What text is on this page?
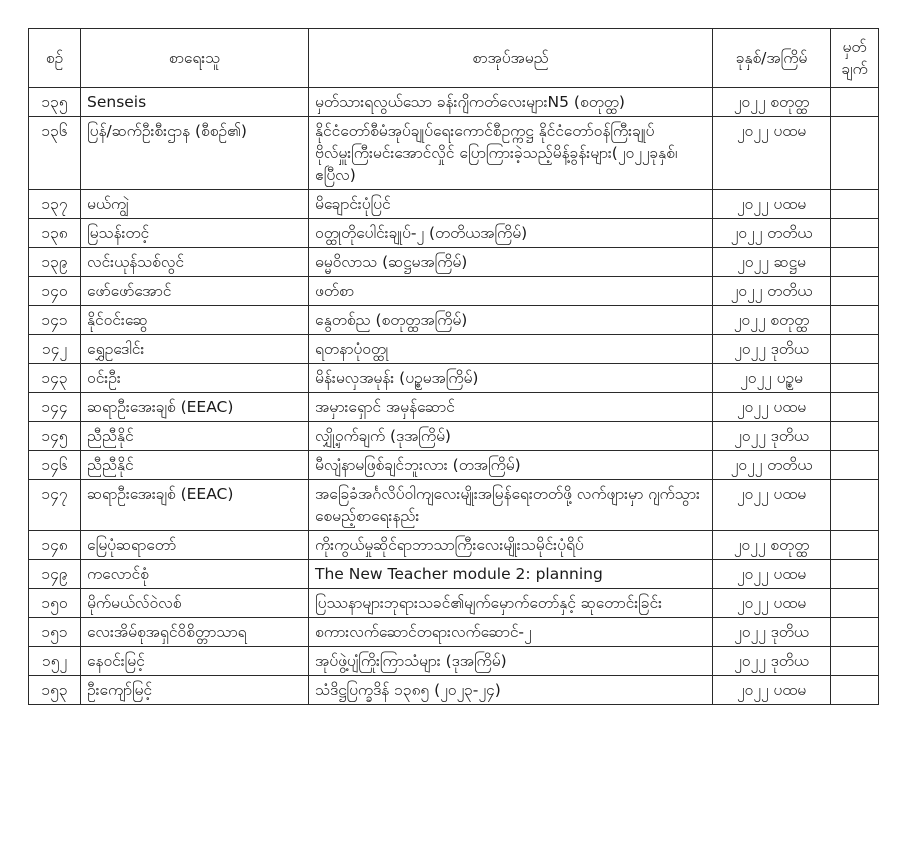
စဉ်	စာရေးသူ	စာအုပ်အမည်	ခုနှစ်/အကြိမ်	မှတ်
ချက်

၁၃၅	Senseis	မှတ်သားရလွယ်သော ခန်းဂျိကတ်လေးများN5 (စတုတ္ထ)	၂၀၂၂ စတုတ္ထ	
၁၃၆	ပြန်/ဆက်ဦးစီးဌာန (စီစဉ်၏)	နိုင်ငံတော်စီမံအုပ်ချုပ်ရေးကောင်စီဥက္ကဋ္ဌ နိုင်ငံတော်ဝန်ကြီးချုပ်ဗိုလ်မှူးကြီးမင်းအောင်လှိုင် ပြောကြားခဲ့သည့်မိန့်ခွန်းများ(၂၀၂၂ခုနှစ်၊ဧပြီလ)	၂၀၂၂ ပထမ	
၁၃၇	မယ်ကျွဲ	မိချောင်းပုံပြင်	၂၀၂၂ ပထမ	
၁၃၈	မြသန်းတင့်	ဝတ္ထုတိုပေါင်းချုပ်-၂ (တတိယအကြိမ်)	၂၀၂၂ တတိယ	
၁၃၉	လင်းယုန်သစ်လွင်	ဓမ္မဝိလာသ (ဆဋ္ဌမအကြိမ်)	၂၀၂၂ ဆဋ္ဌမ	
၁၄၀	ဖော်ဖော်အောင်	ဖတ်စာ	၂၀၂၂ တတိယ	
၁၄၁	နိုင်ဝင်းဆွေ	နွေတစ်ည (စတုတ္ထအကြိမ်)	၂၀၂၂ စတုတ္ထ	
၁၄၂	ရွှေဥဒေါင်း	ရတနာပုံဝတ္ထု	၂၀၂၂ ဒုတိယ	
၁၄၃	ဝင်းဦး	မိန်းမလှအမုန်း (ပဉ္စမအကြိမ်)	၂၀၂၂ ပဉ္စမ	
၁၄၄	ဆရာဦးအေးချစ် (EEAC)	အမှားရှောင် အမှန်ဆောင်	၂၀၂၂ ပထမ	
၁၄၅	ညီညီနိုင်	လျှို့ဝှက်ချက် (ဒုအကြိမ်)	၂၀၂၂ ဒုတိယ	
၁၄၆	ညီညီနိုင်	မီလျံနာမဖြစ်ချင်ဘူးလား (တအကြိမ်)	၂၀၂၂ တတိယ	
၁၄၇	ဆရာဦးအေးချစ် (EEAC)	အခြေခံအင်္ဂလိပ်ဝါကျလေးမျိုးအမြန်ရေးတတ်ဖို့ လက်ဖျားမှာ ဂျက်သွားစေမည့်စာရေးနည်း	၂၀၂၂ ပထမ	
၁၄၈	မြေပုံဆရာတော်	ကိုးကွယ်မှုဆိုင်ရာဘာသာကြီးလေးမျိုးသမိုင်းပုံရိပ်	၂၀၂၂ စတုတ္ထ	
၁၄၉	ကလောင်စုံ	The New Teacher module 2: planning	၂၀၂၂ ပထမ	
၁၅၀	မိုက်မယ်လ်ဝဲလစ်	ပြဿနာများဘုရားသခင်၏မျက်မှောက်တော်နှင့် ဆုတောင်းခြင်း	၂၀၂၂ ပထမ	
၁၅၁	လေးအိမ်စုအရှင်ဝိစိတ္တာသာရ	စကားလက်ဆောင်တရားလက်ဆောင်-၂	၂၀၂၂ ဒုတိယ	
၁၅၂	နေဝင်းမြင့်	အုပ်ဖွဲ့ပျံကြိုးကြာသံများ (ဒုအကြိမ်)	၂၀၂၂ ဒုတိယ	
၁၅၃	ဦးကျော်မြင့်	သံဒိဋ္ဌပြက္ခဒိန် ၁၃၈၅ (၂၀၂၃-၂၄)	၂၀၂၂ ပထမ	
